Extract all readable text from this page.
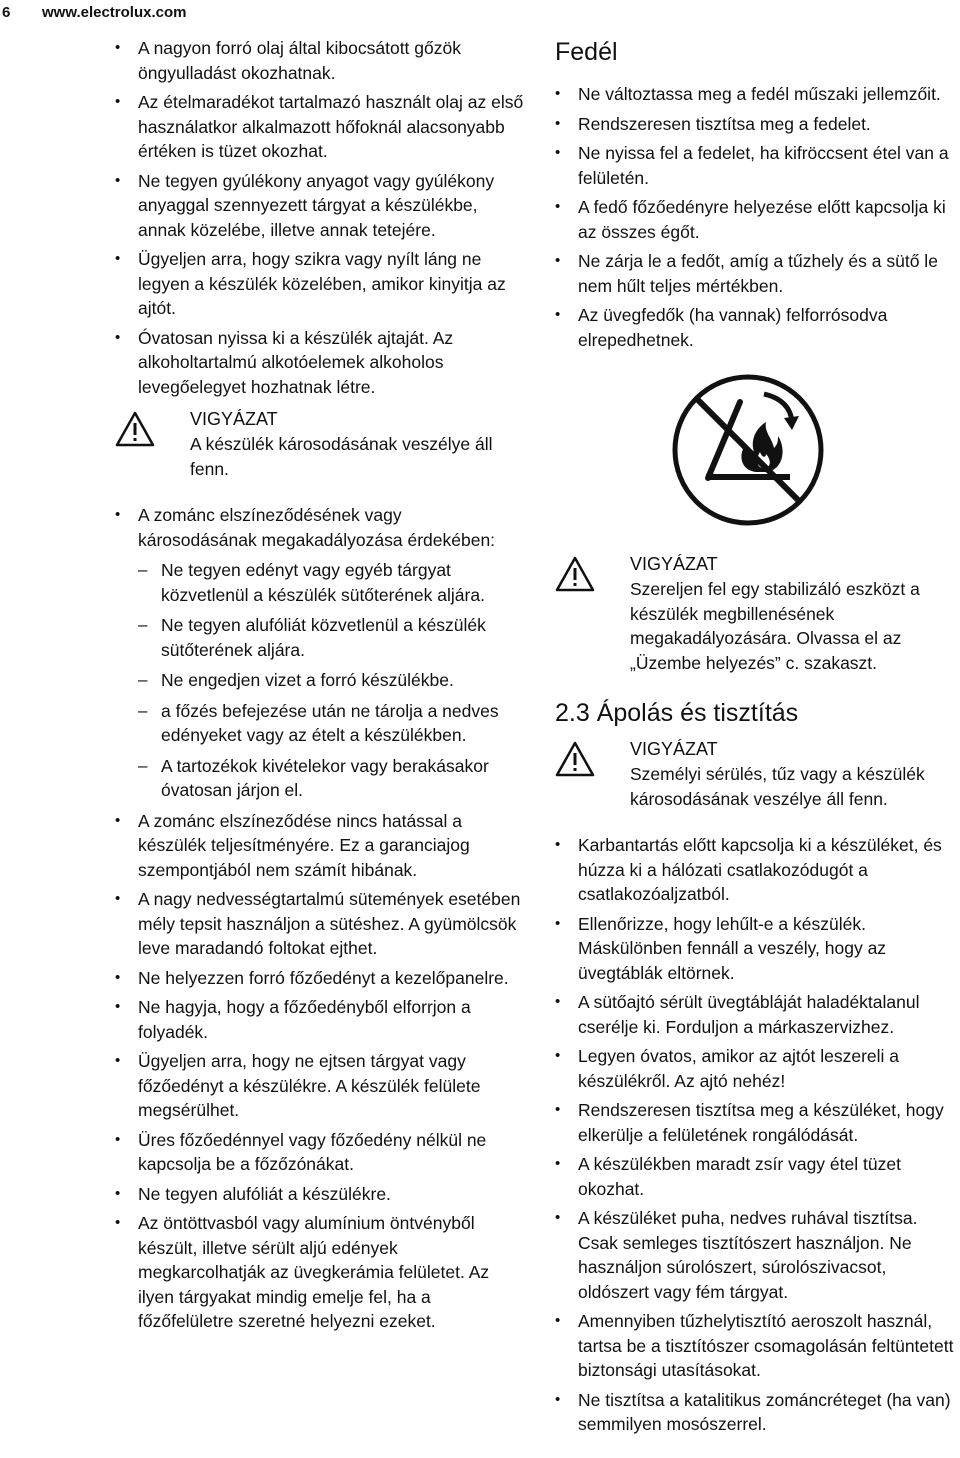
6	www.electrolux.com
• A nagyon forró olaj által kibocsátott gőzök öngyulladást okozhatnak.
• Az ételmaradékot tartalmazó használt olaj az első használatkor alkalmazott hőfoknál alacsonyabb értéken is tüzet okozhat.
• Ne tegyen gyúlékony anyagot vagy gyúlékony anyaggal szennyezett tárgyat a készülékbe, annak közelébe, illetve annak tetejére.
• Ügyeljen arra, hogy szikra vagy nyílt láng ne legyen a készülék közelében, amikor kinyitja az ajtót.
• Óvatosan nyissa ki a készülék ajtaját. Az alkoholtartalmú alkotóelemek alkoholos levegőelegyet hozhatnak létre.
VIGYÁZAT
A készülék károsodásának veszélye áll fenn.
• A zománc elszíneződésének vagy károsodásának megakadályozása érdekében:
– Ne tegyen edényt vagy egyéb tárgyat közvetlenül a készülék sütőterének aljára.
– Ne tegyen alufóliát közvetlenül a készülék sütőterének aljára.
– Ne engedjen vizet a forró készülékbe.
– a főzés befejezése után ne tárolja a nedves edényeket vagy az ételt a készülékben.
– A tartozékok kivételekor vagy berakásakor óvatosan járjon el.
• A zománc elszíneződése nincs hatással a készülék teljesítményére. Ez a garanciajog szempontjából nem számít hibának.
• A nagy nedvességtartalmú sütemények esetében mély tepsit használjon a sütéshez. A gyümölcsök leve maradandó foltokat ejthet.
• Ne helyezzen forró főzőedényt a kezelőpanelre.
• Ne hagyja, hogy a főzőedényből elforrjon a folyadék.
• Ügyeljen arra, hogy ne ejtsen tárgyat vagy főzőedényt a készülékre. A készülék felülete megsérülhet.
• Üres főzőedénnyel vagy főzőedény nélkül ne kapcsolja be a főzőzónákat.
• Ne tegyen alufóliát a készülékre.
• Az öntöttvasból vagy alumínium öntvényből készült, illetve sérült aljú edények megkarcolhatják az üvegkerámia felületet. Az ilyen tárgyakat mindig emelje fel, ha a főzőfelületre szeretné helyezni ezeket.
Fedél
• Ne változtassa meg a fedél műszaki jellemzőit.
• Rendszeresen tisztítsa meg a fedelet.
• Ne nyissa fel a fedelet, ha kifröccsent étel van a felületén.
• A fedő főzőedényre helyezése előtt kapcsolja ki az összes égőt.
• Ne zárja le a fedőt, amíg a tűzhely és a sütő le nem hűlt teljes mértékben.
• Az üvegfedők (ha vannak) felforrósodva elrepedhetnek.
VIGYÁZAT
Szereljen fel egy stabilizáló eszközt a készülék megbillenésének megakadályozására. Olvassa el az „Üzembe helyezés” c. szakaszt.
2.3 Ápolás és tisztítás
VIGYÁZAT
Személyi sérülés, tűz vagy a készülék károsodásának veszélye áll fenn.
• Karbantartás előtt kapcsolja ki a készüléket, és húzza ki a hálózati csatlakozódugót a csatlakozóaljzatból.
• Ellenőrizze, hogy lehűlt-e a készülék. Máskülönben fennáll a veszély, hogy az üvegtáblák eltörnek.
• A sütőajtó sérült üvegtábláját haladéktalanul cserélje ki. Forduljon a márkaszervizhez.
• Legyen óvatos, amikor az ajtót leszereli a készülékről. Az ajtó nehéz!
• Rendszeresen tisztítsa meg a készüléket, hogy elkerülje a felületének rongálódását.
• A készülékben maradt zsír vagy étel tüzet okozhat.
• A készüléket puha, nedves ruhával tisztítsa. Csak semleges tisztítószert használjon. Ne használjon súrolószert, súrolószivacsot, oldószert vagy fém tárgyat.
• Amennyiben tűzhelytisztító aeroszolt használ, tartsa be a tisztítószer csomagolásán feltüntetett biztonsági utasításokat.
• Ne tisztítsa a katalitikus zománcréteget (ha van) semmilyen mosószerrel.
